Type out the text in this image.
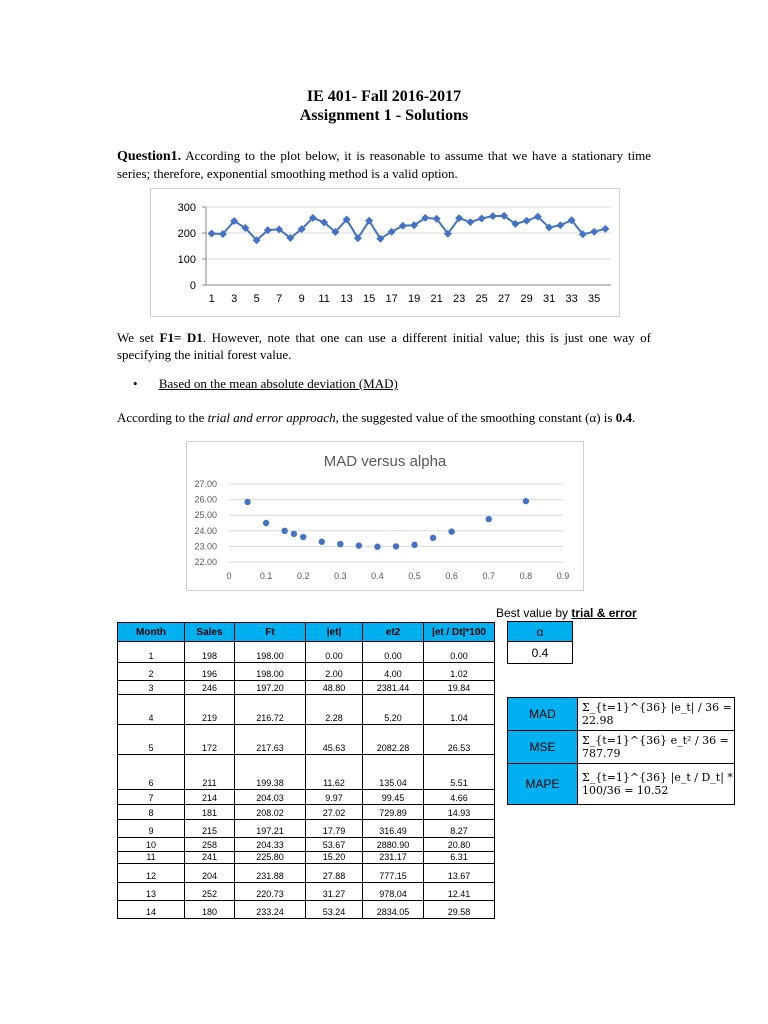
IE 401- Fall 2016-2017
Assignment 1 - Solutions
Question1. According to the plot below, it is reasonable to assume that we have a stationary time series; therefore, exponential smoothing method is a valid option.
0
100
200
300
1 3 5 7 9 11 13 15 17 19 21 23 25 27 29 31 33 35
We set F1= D1. However, note that one can use a different initial value; this is just one way of specifying the initial forest value.
• Based on the mean absolute deviation (MAD)
According to the trial and error approach, the suggested value of the smoothing constant (α) is 0.4.
MAD versus alpha
22.00
23.00
24.00
25.00
26.00
27.00
0	0.1	0.2	0.3	0.4	0.5	0.6	0.7	0.8	0.9
Best value by trial & error
α
0.4
MAD	Σ_{t=1}^{36} |e_t| / 36 = 22.98
MSE	Σ_{t=1}^{36} e_t² / 36 = 787.79
MAPE	Σ_{t=1}^{36} |e_t / D_t| * 100/36 = 10.52
Month	Sales	Ft	|et|	et2	|et / Dt|*100
1	198	198.00	0.00	0.00	0.00
2	196	198.00	2.00	4.00	1.02
3	246	197.20	48.80	2381.44	19.84
4	219	216.72	2.28	5.20	1.04
5	172	217.63	45.63	2082.28	26.53
6	211	199.38	11.62	135.04	5.51
7	214	204.03	9.97	99.45	4.66
8	181	208.02	27.02	729.89	14.93
9	215	197.21	17.79	316.49	8.27
10	258	204.33	53.67	2880.90	20.80
11	241	225.80	15.20	231.17	6.31
12	204	231.88	27.88	777.15	13.67
13	252	220.73	31.27	978.04	12.41
14	180	233.24	53.24	2834.05	29.58
